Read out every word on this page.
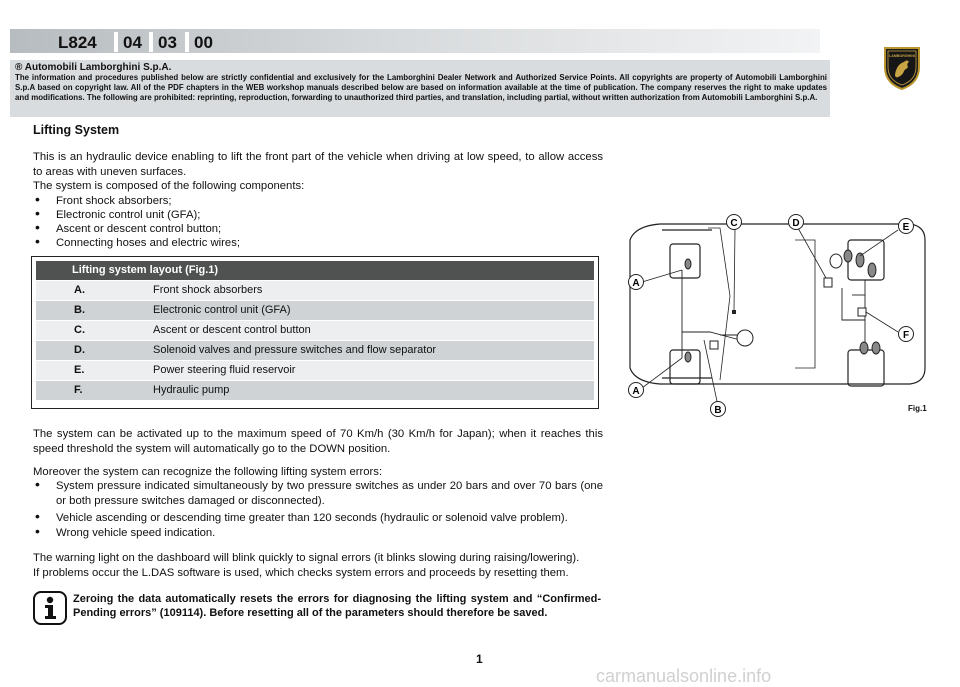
L824 04 03 00
LAMBORGHINI
® Automobili Lamborghini S.p.A.
The information and procedures published below are strictly confidential and exclusively for the Lamborghini Dealer Network and Authorized Service Points. All copyrights are property of Automobili Lamborghini S.p.A based on copyright law. All of the PDF chapters in the WEB workshop manuals described below are based on information available at the time of publication. The company reserves the right to make updates and modifications. The following are prohibited: reprinting, reproduction, forwarding to unauthorized third parties, and translation, including partial, without written authorization from Automobili Lamborghini S.p.A.
Lifting System
This is an hydraulic device enabling to lift the front part of the vehicle when driving at low speed, to allow access to areas with uneven surfaces.
The system is composed of the following components:
•	Front shock absorbers;
•	Electronic control unit (GFA);
•	Ascent or descent control button;
•	Connecting hoses and electric wires;
Lifting system layout (Fig.1)
A.	Front shock absorbers
B.	Electronic control unit (GFA)
C.	Ascent or descent control button
D.	Solenoid valves and pressure switches and flow separator
E.	Power steering fluid reservoir
F.	Hydraulic pump
The system can be activated up to the maximum speed of 70 Km/h (30 Km/h for Japan); when it reaches this speed threshold the system will automatically go to the DOWN position.
Moreover the system can recognize the following lifting system errors:
•	System pressure indicated simultaneously by two pressure switches as under 20 bars and over 70 bars (one or both pressure switches damaged or disconnected).
•	Vehicle ascending or descending time greater than 120 seconds (hydraulic or solenoid valve problem).
•	Wrong vehicle speed indication.
The warning light on the dashboard will blink quickly to signal errors (it blinks slowing during raising/lowering).
If problems occur the L.DAS software is used, which checks system errors and proceeds by resetting them.
Zeroing the data automatically resets the errors for diagnosing the lifting system and “Confirmed-Pending errors” (109114). Before resetting all of the parameters should therefore be saved.
A
A
B
C	D	E
F
Fig.1
1
carmanualsonline.info
